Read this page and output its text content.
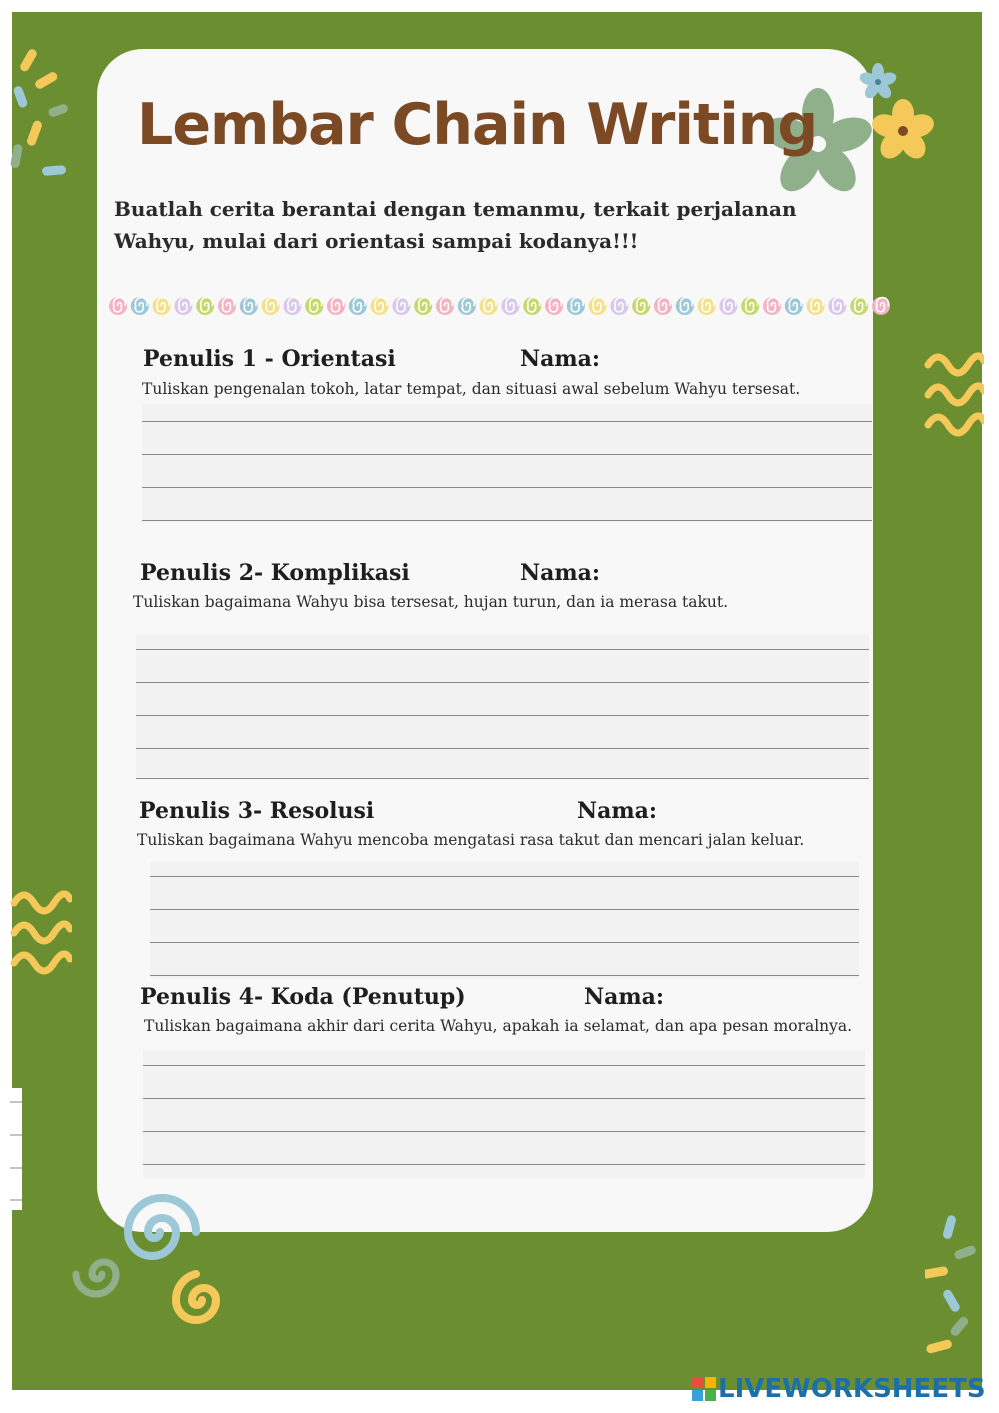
Lembar Chain Writing

Buatlah cerita berantai dengan temanmu, terkait perjalanan Wahyu, mulai dari orientasi sampai kodanya!!!

Penulis 1 - Orientasi	Nama:

Tuliskan pengenalan tokoh, latar tempat, dan situasi awal sebelum Wahyu tersesat.

Penulis 2- Komplikasi	Nama:

Tuliskan bagaimana Wahyu bisa tersesat, hujan turun, dan ia merasa takut.

Penulis 3- Resolusi	Nama:

Tuliskan bagaimana Wahyu mencoba mengatasi rasa takut dan mencari jalan keluar.

Penulis 4- Koda (Penutup)	Nama:

Tuliskan bagaimana akhir dari cerita Wahyu, apakah ia selamat, dan apa pesan moralnya.

LIVEWORKSHEETS
